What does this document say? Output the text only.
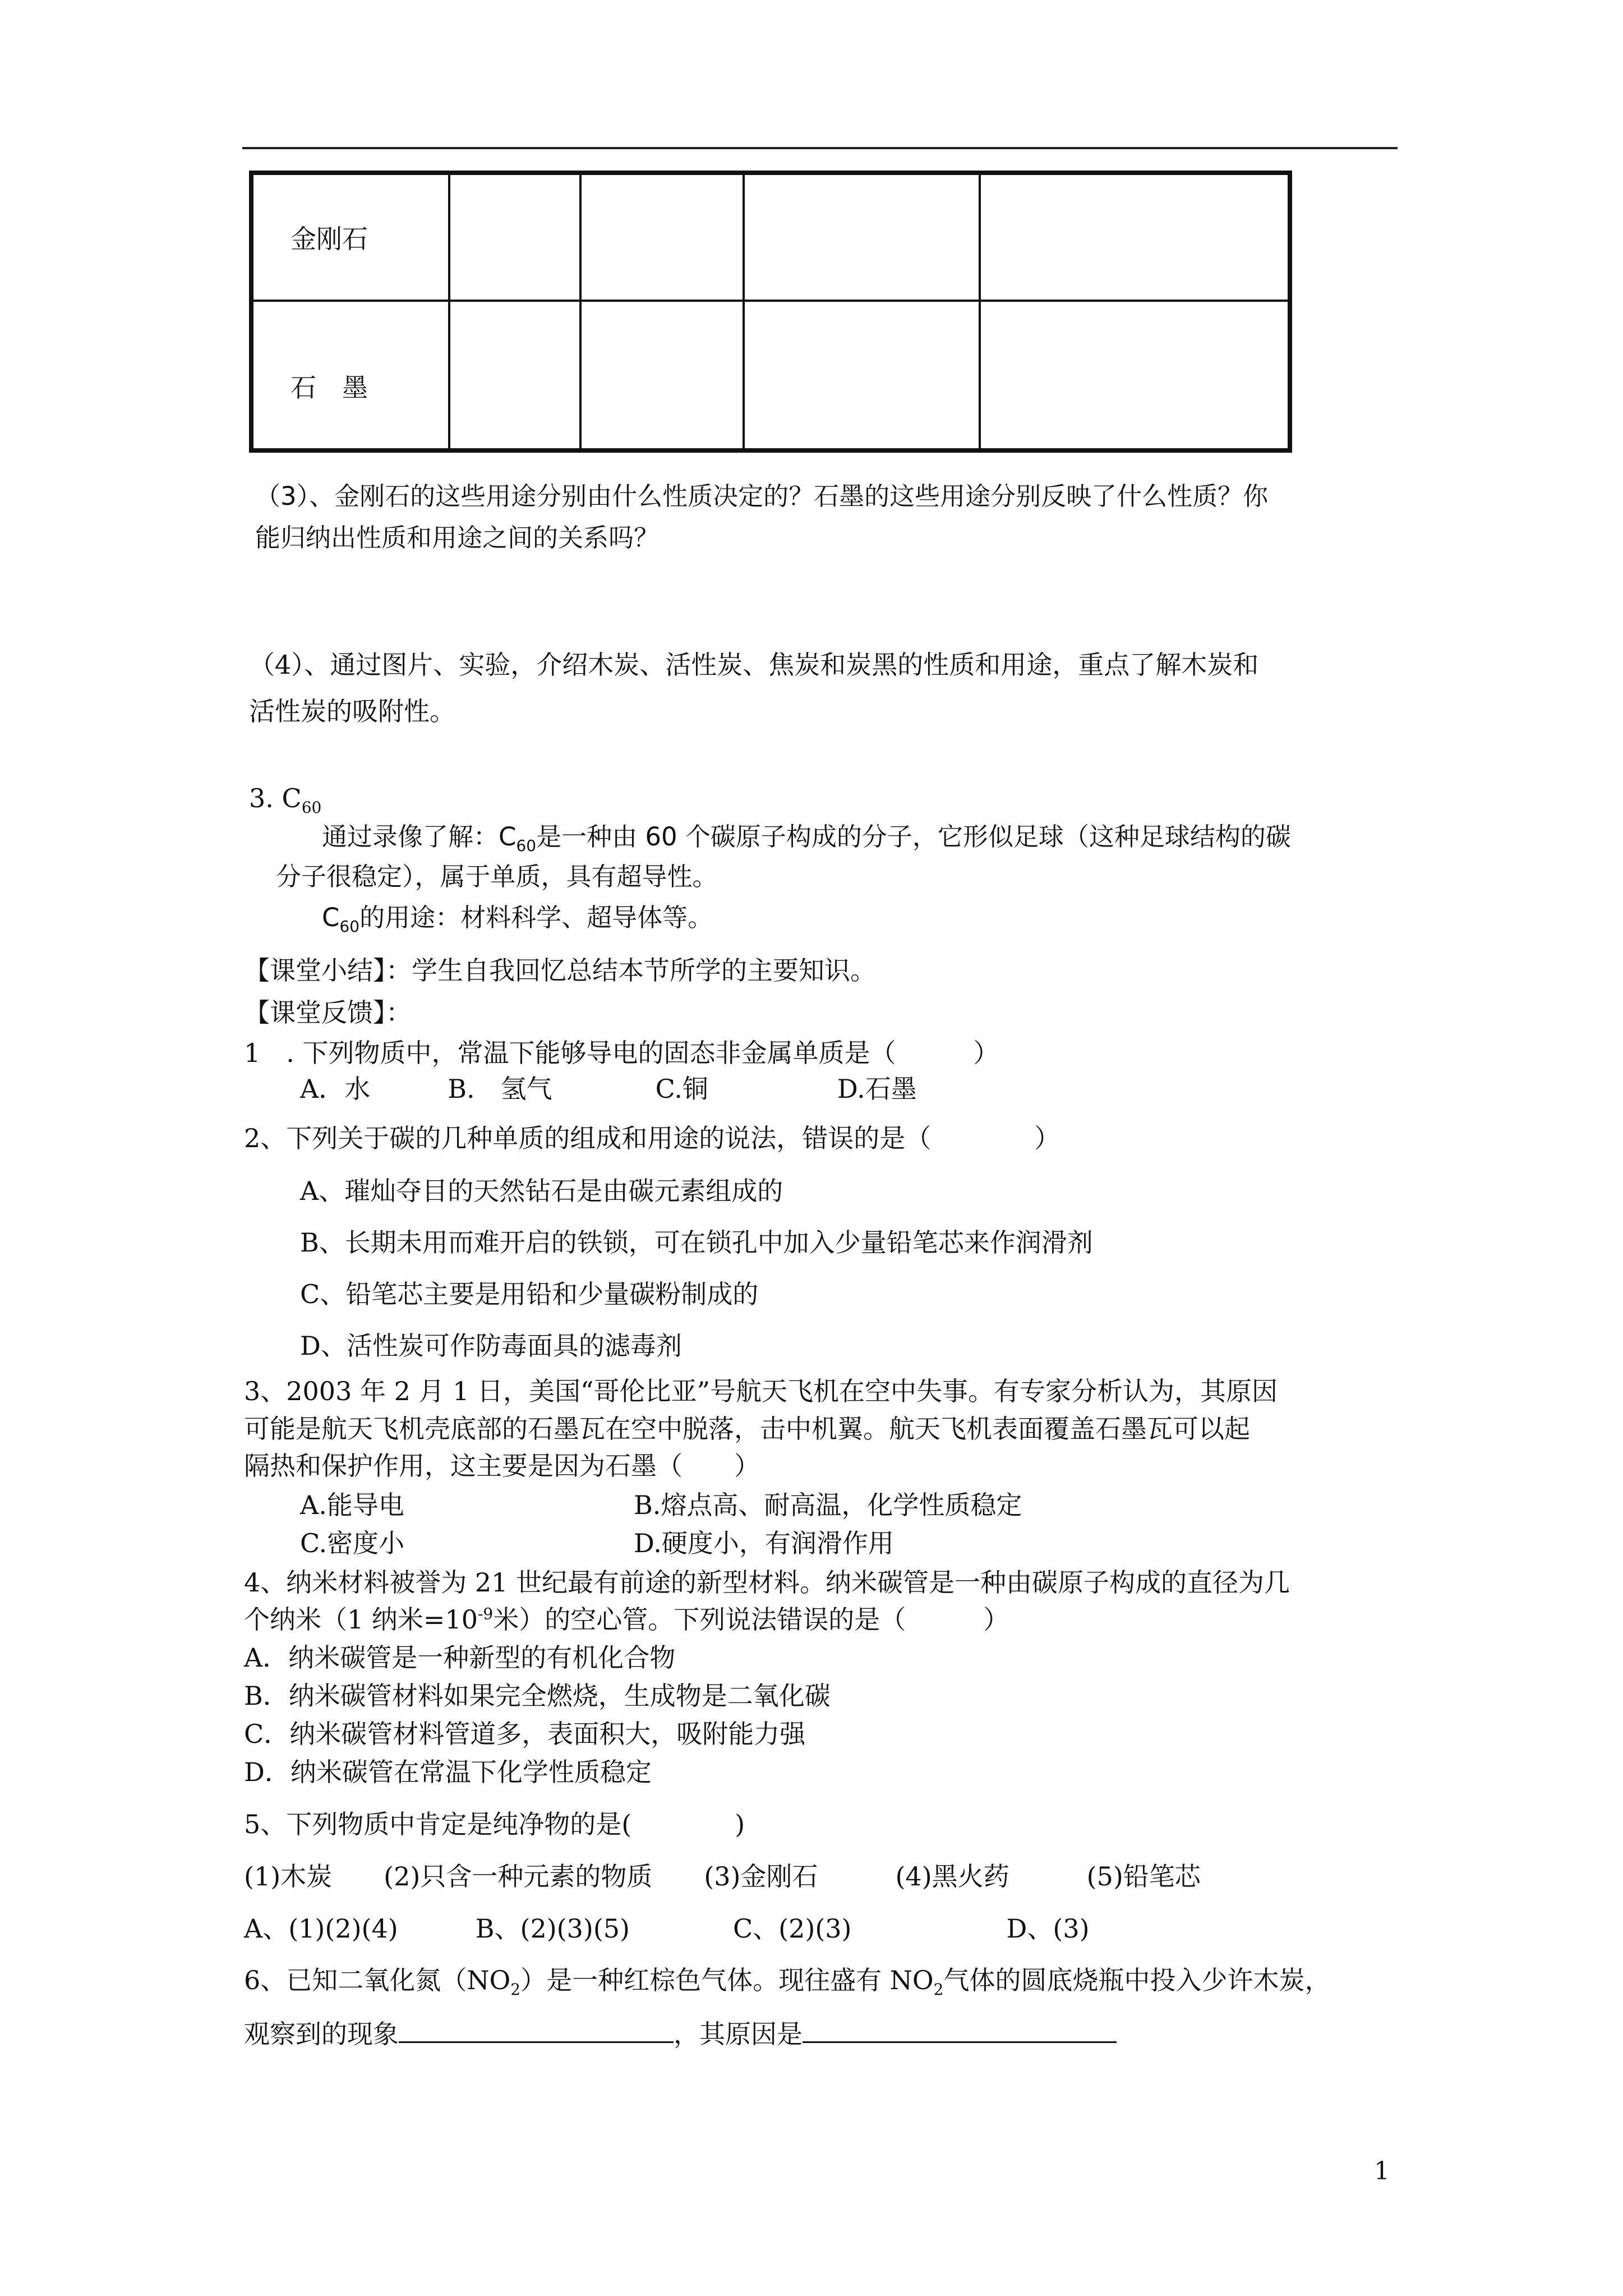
金刚石				
石　墨				
（3）、金刚石的这些用途分别由什么性质决定的？石墨的这些用途分别反映了什么性质？你
能归纳出性质和用途之间的关系吗？
（4）、通过图片、实验，介绍木炭、活性炭、焦炭和炭黑的性质和用途，重点了解木炭和
活性炭的吸附性。
3. $C_{60}$
通过录像了解：$C_{60}$是一种由 60 个碳原子构成的分子，它形似足球（这种足球结构的碳
分子很稳定），属于单质，具有超导性。
$C_{60}$的用途：材料科学、超导体等。
【课堂小结】：学生自我回忆总结本节所学的主要知识。
【课堂反馈】：
1　. 下列物质中，常温下能够导电的固态非金属单质是（　　　）
A．水　　　B.　氢气　　　　C.铜　　　　　D.石墨
2、下列关于碳的几种单质的组成和用途的说法，错误的是（　　　　）
A、璀灿夺目的天然钻石是由碳元素组成的
B、长期未用而难开启的铁锁，可在锁孔中加入少量铅笔芯来作润滑剂
C、铅笔芯主要是用铅和少量碳粉制成的
D、活性炭可作防毒面具的滤毒剂
3、2003 年 2 月 1 日，美国“哥伦比亚”号航天飞机在空中失事。有专家分析认为，其原因
可能是航天飞机壳底部的石墨瓦在空中脱落，击中机翼。航天飞机表面覆盖石墨瓦可以起
隔热和保护作用，这主要是因为石墨（　　）
A.能导电	B.熔点高、耐高温，化学性质稳定
C.密度小	D.硬度小，有润滑作用
4、纳米材料被誉为 21 世纪最有前途的新型材料。纳米碳管是一种由碳原子构成的直径为几
个纳米（1 纳米$=10^{-9}$米）的空心管。下列说法错误的是（　　　）
A．纳米碳管是一种新型的有机化合物
B．纳米碳管材料如果完全燃烧，生成物是二氧化碳
C．纳米碳管材料管道多，表面积大，吸附能力强
D．纳米碳管在常温下化学性质稳定
5、下列物质中肯定是纯净物的是(　　　　)
(1)木炭　　(2)只含一种元素的物质　　(3)金刚石　　　(4)黑火药　　　(5)铅笔芯
A、(1)(2)(4)　　　B、(2)(3)(5)　　　　C、(2)(3)　　　　　　D、(3)
6、已知二氧化氮$(NO_2)$是一种红棕色气体。现往盛有 $NO_2$气体的圆底烧瓶中投入少许木炭，
观察到的现象	，其原因是
1
